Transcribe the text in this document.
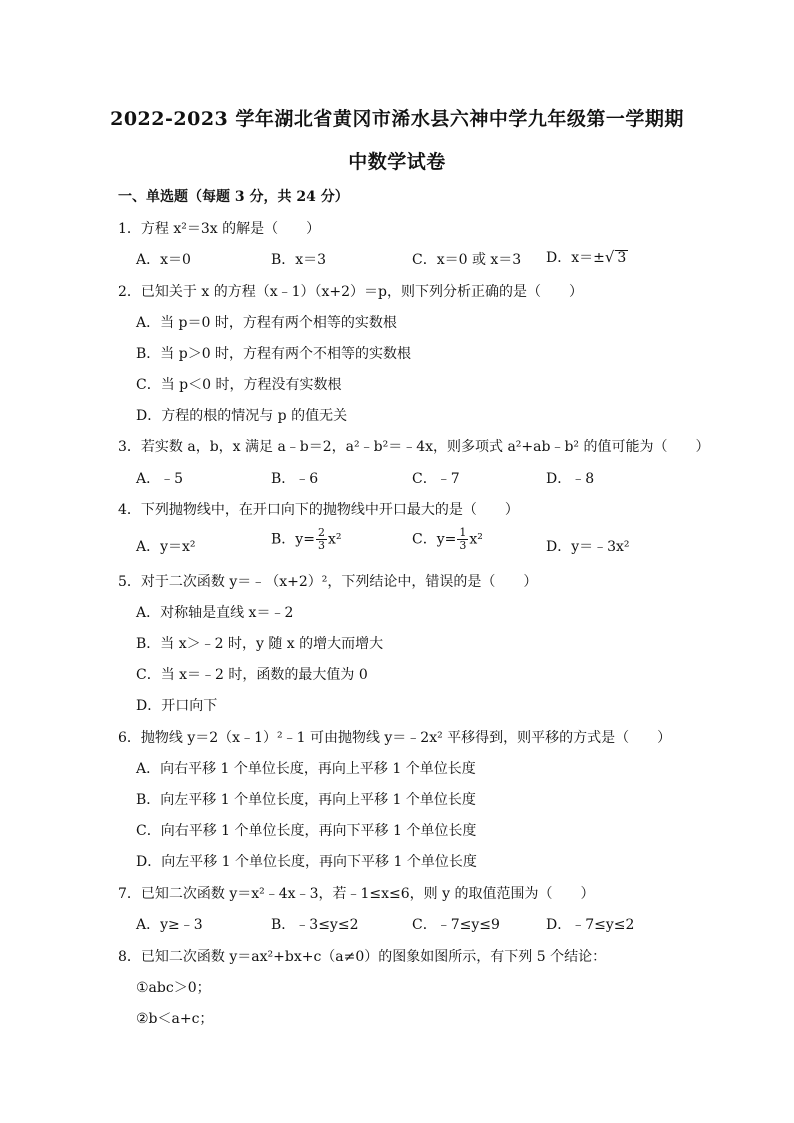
2022-2023 学年湖北省黄冈市浠水县六神中学九年级第一学期期
中数学试卷
一、单选题（每题 3 分，共 24 分）
1．方程 x²＝3x 的解是（　　）
A．x＝0	B．x＝3	C．x＝0 或 x＝3 D．x＝±√ 3
2．已知关于 x 的方程（x﹣1）（x+2）＝p，则下列分析正确的是（　　）
A．当 p＝0 时，方程有两个相等的实数根
B．当 p＞0 时，方程有两个不相等的实数根
C．当 p＜0 时，方程没有实数根
D．方程的根的情况与 p 的值无关
3．若实数 a，b，x 满足 a﹣b＝2，a²﹣b²＝﹣4x，则多项式 a²+ab﹣b² 的值可能为（　　）
A．﹣5	B．﹣6	C．﹣7	D．﹣8
4．下列抛物线中，在开口向下的抛物线中开口最大的是（　　）
A．y＝x²	B．$y= \frac{2}{3} x^2$	C．$y= \frac{1}{3} x^2$	D．y＝﹣3x²
5．对于二次函数 y＝﹣（x+2）²，下列结论中，错误的是（　　）
A．对称轴是直线 x＝﹣2
B．当 x＞﹣2 时，y 随 x 的增大而增大
C．当 x＝﹣2 时，函数的最大值为 0
D．开口向下
6．抛物线 y＝2（x﹣1）²﹣1 可由抛物线 y＝﹣2x² 平移得到，则平移的方式是（　　）
A．向右平移 1 个单位长度，再向上平移 1 个单位长度
B．向左平移 1 个单位长度，再向上平移 1 个单位长度
C．向右平移 1 个单位长度，再向下平移 1 个单位长度
D．向左平移 1 个单位长度，再向下平移 1 个单位长度
7．已知二次函数 y＝x²﹣4x﹣3，若﹣1≤x≤6，则 y 的取值范围为（　　）
A．y≥﹣3	B．﹣3≤y≤2	C．﹣7≤y≤9	D．﹣7≤y≤2
8．已知二次函数 y＝ax²+bx+c（a≠0）的图象如图所示，有下列 5 个结论：
①abc＞0；
②b＜a+c；
